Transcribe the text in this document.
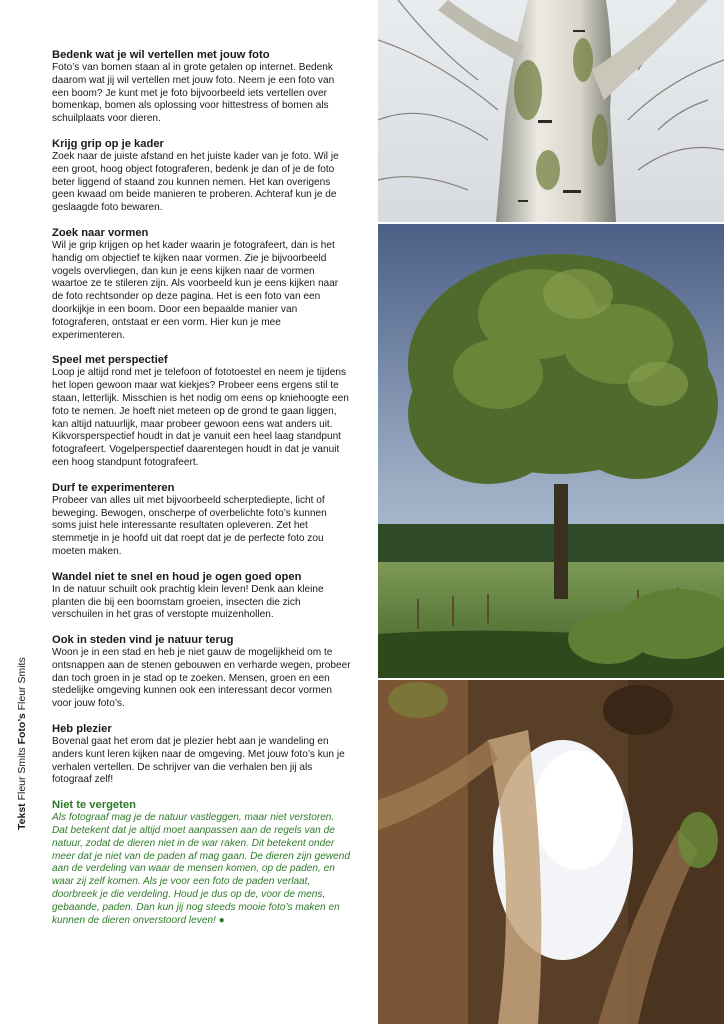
Bedenk wat je wil vertellen met jouw foto

Foto’s van bomen staan al in grote getalen op internet. Bedenk daarom wat jij wil vertellen met jouw foto. Neem je een foto van een boom? Je kunt met je foto bijvoorbeeld iets vertellen over bomenkap, bomen als oplossing voor hittestress of bomen als schuilplaats voor dieren.

Krijg grip op je kader

Zoek naar de juiste afstand en het juiste kader van je foto. Wil je een groot, hoog object fotograferen, bedenk je dan of je de foto beter liggend of staand zou kunnen nemen. Het kan overigens geen kwaad om beide manieren te proberen. Achteraf kun je de geslaagde foto bewaren.

Zoek naar vormen

Wil je grip krijgen op het kader waarin je fotografeert, dan is het handig om objectief te kijken naar vormen. Zie je bijvoorbeeld vogels overvliegen, dan kun je eens kijken naar de vormen waartoe ze te stileren zijn. Als voorbeeld kun je eens kijken naar de foto rechtsonder op deze pagina. Het is een foto van een doorkijkje in een boom. Door een bepaalde manier van fotograferen, ontstaat er een vorm. Hier kun je mee experimenteren.

Speel met perspectief

Loop je altijd rond met je telefoon of fototoestel en neem je tijdens het lopen gewoon maar wat kiekjes? Probeer eens ergens stil te staan, letterlijk. Misschien is het nodig om eens op kniehoogte een foto te nemen. Je hoeft niet meteen op de grond te gaan liggen, kan altijd natuurlijk, maar probeer gewoon eens wat anders uit. Kikvorsperspectief houdt in dat je vanuit een heel laag standpunt fotografeert. Vogelperspectief daarentegen houdt in dat je vanuit een hoog standpunt fotografeert.

Durf te experimenteren

Probeer van alles uit met bijvoorbeeld scherptediepte, licht of beweging. Bewogen, onscherpe of overbelichte foto’s kunnen soms juist hele interessante resultaten opleveren. Zet het stemmetje in je hoofd uit dat roept dat je de perfecte foto zou moeten maken.

Wandel niet te snel en houd je ogen goed open

In de natuur schuilt ook prachtig klein leven! Denk aan kleine planten die bij een boomstam groeien, insecten die zich verschuilen in het gras of verstopte muizenhollen.

Ook in steden vind je natuur terug

Woon je in een stad en heb je niet gauw de mogelijkheid om te ontsnappen aan de stenen gebouwen en verharde wegen, probeer dan toch groen in je stad op te zoeken. Mensen, groen en een stedelijke omgeving kunnen ook een interessant decor vormen voor jouw foto’s.

Heb plezier

Bovenal gaat het erom dat je plezier hebt aan je wandeling en anders kunt leren kijken naar de omgeving. Met jouw foto’s kun je verhalen vertellen. De schrijver van die verhalen ben jij als fotograaf zelf!

Niet te vergeten

Als fotograaf mag je de natuur vastleggen, maar niet verstoren. Dat betekent dat je altijd moet aanpassen aan de regels van de natuur, zodat de dieren niet in de war raken. Dit betekent onder meer dat je niet van de paden af mag gaan. De dieren zijn gewend aan de verdeling van waar de mensen komen, op de paden, en waar zij zelf komen. Als je voor een foto de paden verlaat, doorbreek je die verdeling. Houd je dus op de, voor de mens, gebaande, paden. Dan kun jij nog steeds mooie foto’s maken en kunnen de dieren onverstoord leven! ●

Tekst Fleur Smits Foto’s Fleur Smits
